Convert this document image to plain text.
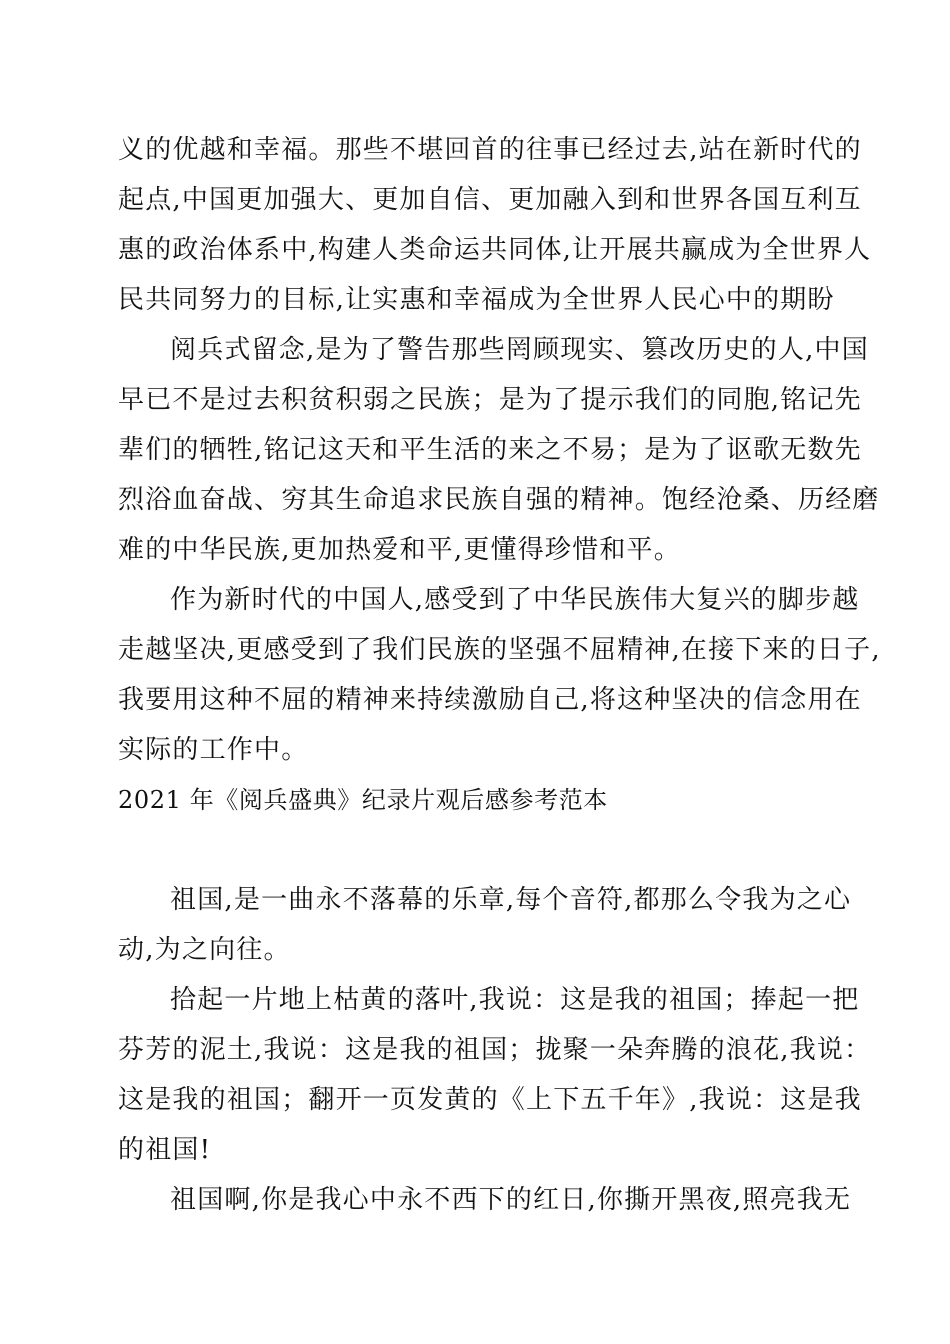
义的优越和幸福。那些不堪回首的往事已经过去,站在新时代的
起点,中国更加强大、更加自信、更加融入到和世界各国互利互
惠的政治体系中,构建人类命运共同体,让开展共赢成为全世界人
民共同努力的目标,让实惠和幸福成为全世界人民心中的期盼
阅兵式留念,是为了警告那些罔顾现实、篡改历史的人,中国
早已不是过去积贫积弱之民族；是为了提示我们的同胞,铭记先
辈们的牺牲,铭记这天和平生活的来之不易；是为了讴歌无数先
烈浴血奋战、穷其生命追求民族自强的精神。饱经沧桑、历经磨
难的中华民族,更加热爱和平,更懂得珍惜和平。
作为新时代的中国人,感受到了中华民族伟大复兴的脚步越
走越坚决,更感受到了我们民族的坚强不屈精神,在接下来的日子,
我要用这种不屈的精神来持续激励自己,将这种坚决的信念用在
实际的工作中。
2021 年《阅兵盛典》纪录片观后感参考范本
祖国,是一曲永不落幕的乐章,每个音符,都那么令我为之心
动,为之向往。
拾起一片地上枯黄的落叶,我说：这是我的祖国；捧起一把
芬芳的泥土,我说：这是我的祖国；拢聚一朵奔腾的浪花,我说：
这是我的祖国；翻开一页发黄的《上下五千年》,我说：这是我
的祖国!
祖国啊,你是我心中永不西下的红日,你撕开黑夜,照亮我无
